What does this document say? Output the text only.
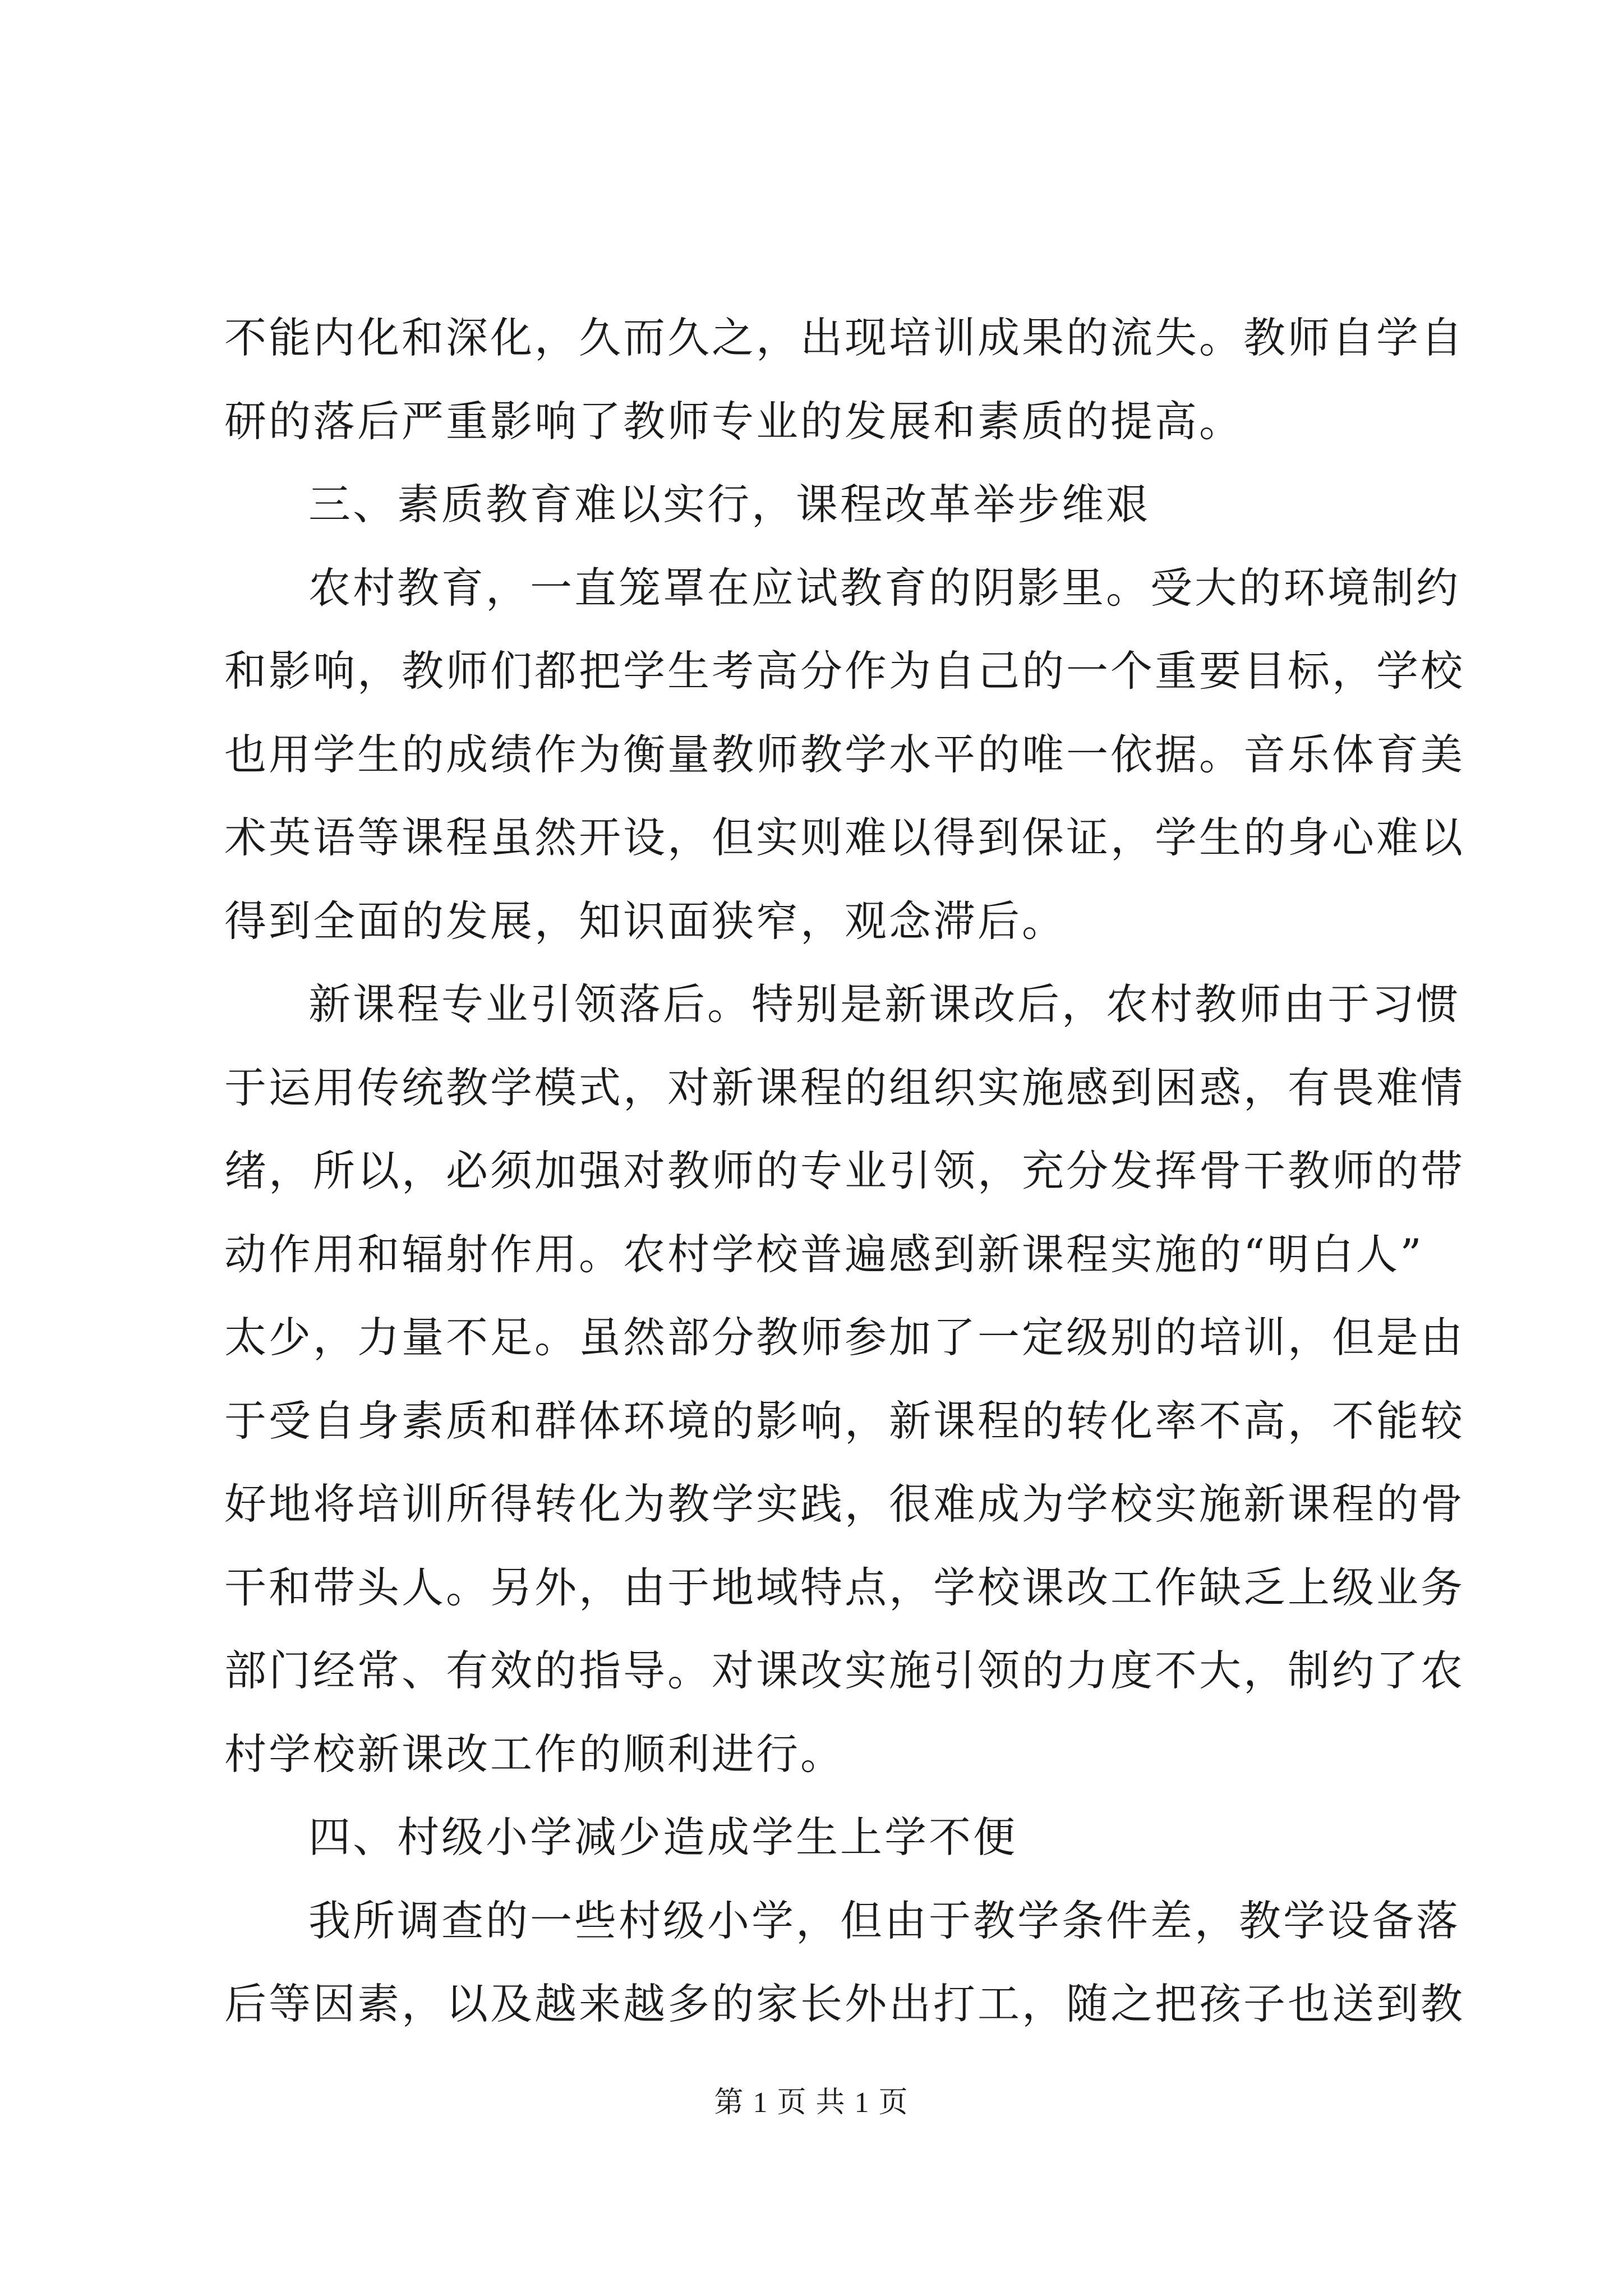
不能内化和深化，久而久之，出现培训成果的流失。教师自学自
研的落后严重影响了教师专业的发展和素质的提高。
三、素质教育难以实行，课程改革举步维艰
农村教育，一直笼罩在应试教育的阴影里。受大的环境制约
和影响，教师们都把学生考高分作为自己的一个重要目标，学校
也用学生的成绩作为衡量教师教学水平的唯一依据。音乐体育美
术英语等课程虽然开设，但实则难以得到保证，学生的身心难以
得到全面的发展，知识面狭窄，观念滞后。
新课程专业引领落后。特别是新课改后，农村教师由于习惯
于运用传统教学模式，对新课程的组织实施感到困惑，有畏难情
绪，所以，必须加强对教师的专业引领，充分发挥骨干教师的带
动作用和辐射作用。农村学校普遍感到新课程实施的“明白人”
太少，力量不足。虽然部分教师参加了一定级别的培训，但是由
于受自身素质和群体环境的影响，新课程的转化率不高，不能较
好地将培训所得转化为教学实践，很难成为学校实施新课程的骨
干和带头人。另外，由于地域特点，学校课改工作缺乏上级业务
部门经常、有效的指导。对课改实施引领的力度不大，制约了农
村学校新课改工作的顺利进行。
四、村级小学减少造成学生上学不便
我所调查的一些村级小学，但由于教学条件差，教学设备落
后等因素，以及越来越多的家长外出打工，随之把孩子也送到教
第 1 页 共 1 页
